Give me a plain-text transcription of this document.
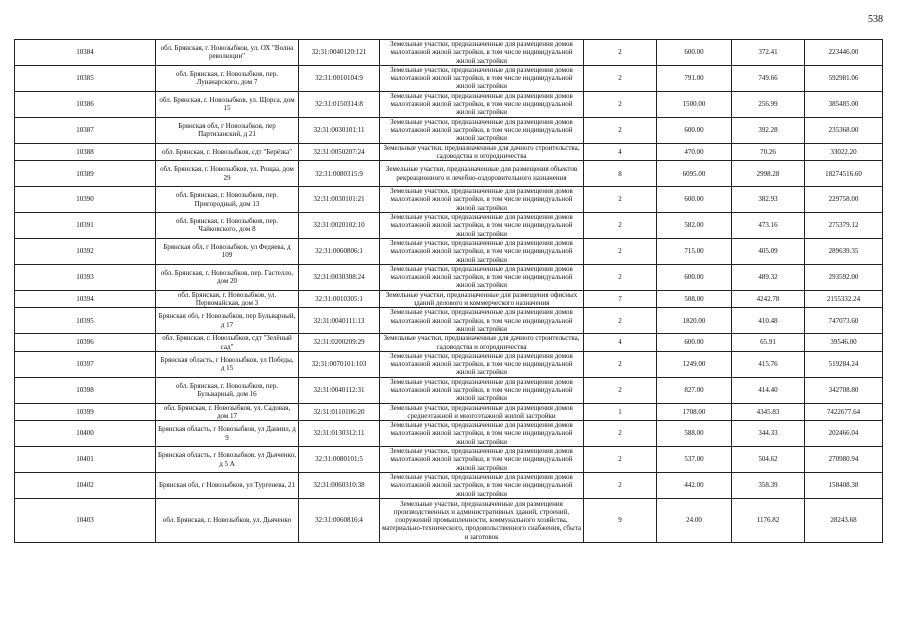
538
10384	обл. Брянская, г. Новозыбков, ул. ОХ "Волна революции"	32:31:0040120:121	Земельные участки, предназначенные для размещения домов малоэтажной жилой застройки, в том числе индивидуальной жилой застройки	2	600.00	372.41	223446.00
10385	обл. Брянская, г. Новозыбков, пер. Луначарского, дом 7	32:31:0010104:9	Земельные участки, предназначенные для размещения домов малоэтажной жилой застройки, в том числе индивидуальной жилой застройки	2	791.00	749.66	592981.06
10386	обл. Брянская, г. Новозыбков, ул. Щорса, дом 15	32:31:0150314:8	Земельные участки, предназначенные для размещения домов малоэтажной жилой застройки, в том числе индивидуальной жилой застройки	2	1500.00	256.99	385485.00
10387	Брянская обл, г Новозыбков, пер Партизанский, д 21	32:31:0030101:11	Земельные участки, предназначенные для размещения домов малоэтажной жилой застройки, в том числе индивидуальной жилой застройки	2	600.00	392.28	235368.00
10388	обл. Брянская, г. Новозыбков, сдт "Берёзка"	32:31:0050207:24	Земельные участки, предназначенные для дачного строительства, садоводства и огородничества	4	470.00	70.26	33022.20
10389	обл. Брянская, г. Новозыбков, ул. Рощаа, дом 29	32:31:0080315:9	Земельные участки, предназначенные для размещения объектов рекреационного и лечебно-оздоровительного назначения	8	6095.00	2998.28	18274516.60
10390	обл. Брянская, г. Новозыбков, пер. Пригородный, дом 13	32:31:0030101:21	Земельные участки, предназначенные для размещения домов малоэтажной жилой застройки, в том числе индивидуальной жилой застройки	2	600.00	382.93	229758.00
10391	обл. Брянская, г. Новозыбков, пер. Чайковского, дом 8	32:31:0020102:10	Земельные участки, предназначенные для размещения домов малоэтажной жилой застройки, в том числе индивидуальной жилой застройки	2	582.00	473.16	275379.12
10392	Брянская обл, г Новозыбков, ул Федяева, д 109	32:31:0060806:1	Земельные участки, предназначенные для размещения домов малоэтажной жилой застройки, в том числе индивидуальной жилой застройки	2	715.00	405.09	289639.35
10393	обл. Брянская, г. Новозыбков, пер. Гастелло, дом 20	32:31:0030308:24	Земельные участки, предназначенные для размещения домов малоэтажной жилой застройки, в том числе индивидуальной жилой застройки	2	600.00	489.32	293592.00
10394	обл. Брянская, г. Новозыбков, ул. Первомайская, дом 3	32:31:0010305:1	Земельные участки, предназначенные для размещения офисных зданий делового и коммерческого назначения	7	508.00	4242.78	2155332.24
10395	Брянская обл, г Новозыбков, пер Бульварный, д 17	32:31:0040111:13	Земельные участки, предназначенные для размещения домов малоэтажной жилой застройки, в том числе индивидуальной жилой застройки	2	1820.00	410.48	747073.60
10396	обл. Брянская, г. Новозыбков, сдт "Зелёный сад"	32:31:0200209:29	Земельные участки, предназначенные для дачного строительства, садоводства и огородничества	4	600.00	65.91	39546.00
10397	Брянская область, г Новозыбков, ул Победы, д 15	32:31:0070101:103	Земельные участки, предназначенные для размещения домов малоэтажной жилой застройки, в том числе индивидуальной жилой застройки	2	1249.00	415.76	519284.24
10398	обл. Брянская, г. Новозыбков, пер. Бульварный, дом 16	32:31:0040112:31	Земельные участки, предназначенные для размещения домов малоэтажной жилой застройки, в том числе индивидуальной жилой застройки	2	827.00	414.40	342708.80
10399	обл. Брянская, г. Новозыбков, ул. Садовая, дом 17	32:31:0110106:20	Земельные участки, предназначенные для размещения домов среднеэтажной и многоэтажной жилой застройки	1	1708.00	4345.83	7422677.64
10400	Брянская область, г Новозыбков, ул Даниил, д 9	32:31:0130312:11	Земельные участки, предназначенные для размещения домов малоэтажной жилой застройки, в том числе индивидуальной жилой застройки	2	588.00	344.33	202466.04
10401	Брянская область, г Новозыбков, ул Дьяченко, д 5 А	32:31:0080101:5	Земельные участки, предназначенные для размещения домов малоэтажной жилой застройки, в том числе индивидуальной жилой застройки	2	537.00	504.62	270980.94
10402	Брянская обл, г Новозыбков, ул Тургенева, 21	32:31:0060310:38	Земельные участки, предназначенные для размещения домов малоэтажной жилой застройки, в том числе индивидуальной жилой застройки	2	442.00	358.39	158408.38
10403	обл. Брянская, г. Новозыбков, ул. Дьяченко	32:31:0060816:4	Земельные участки, предназначенные для размещения производственных и административных зданий, строений, сооружений промышленности, коммунального хозяйства, материально-технического, продовольственного снабжения, сбыта и заготовок	9	24.00	1176.82	28243.68
